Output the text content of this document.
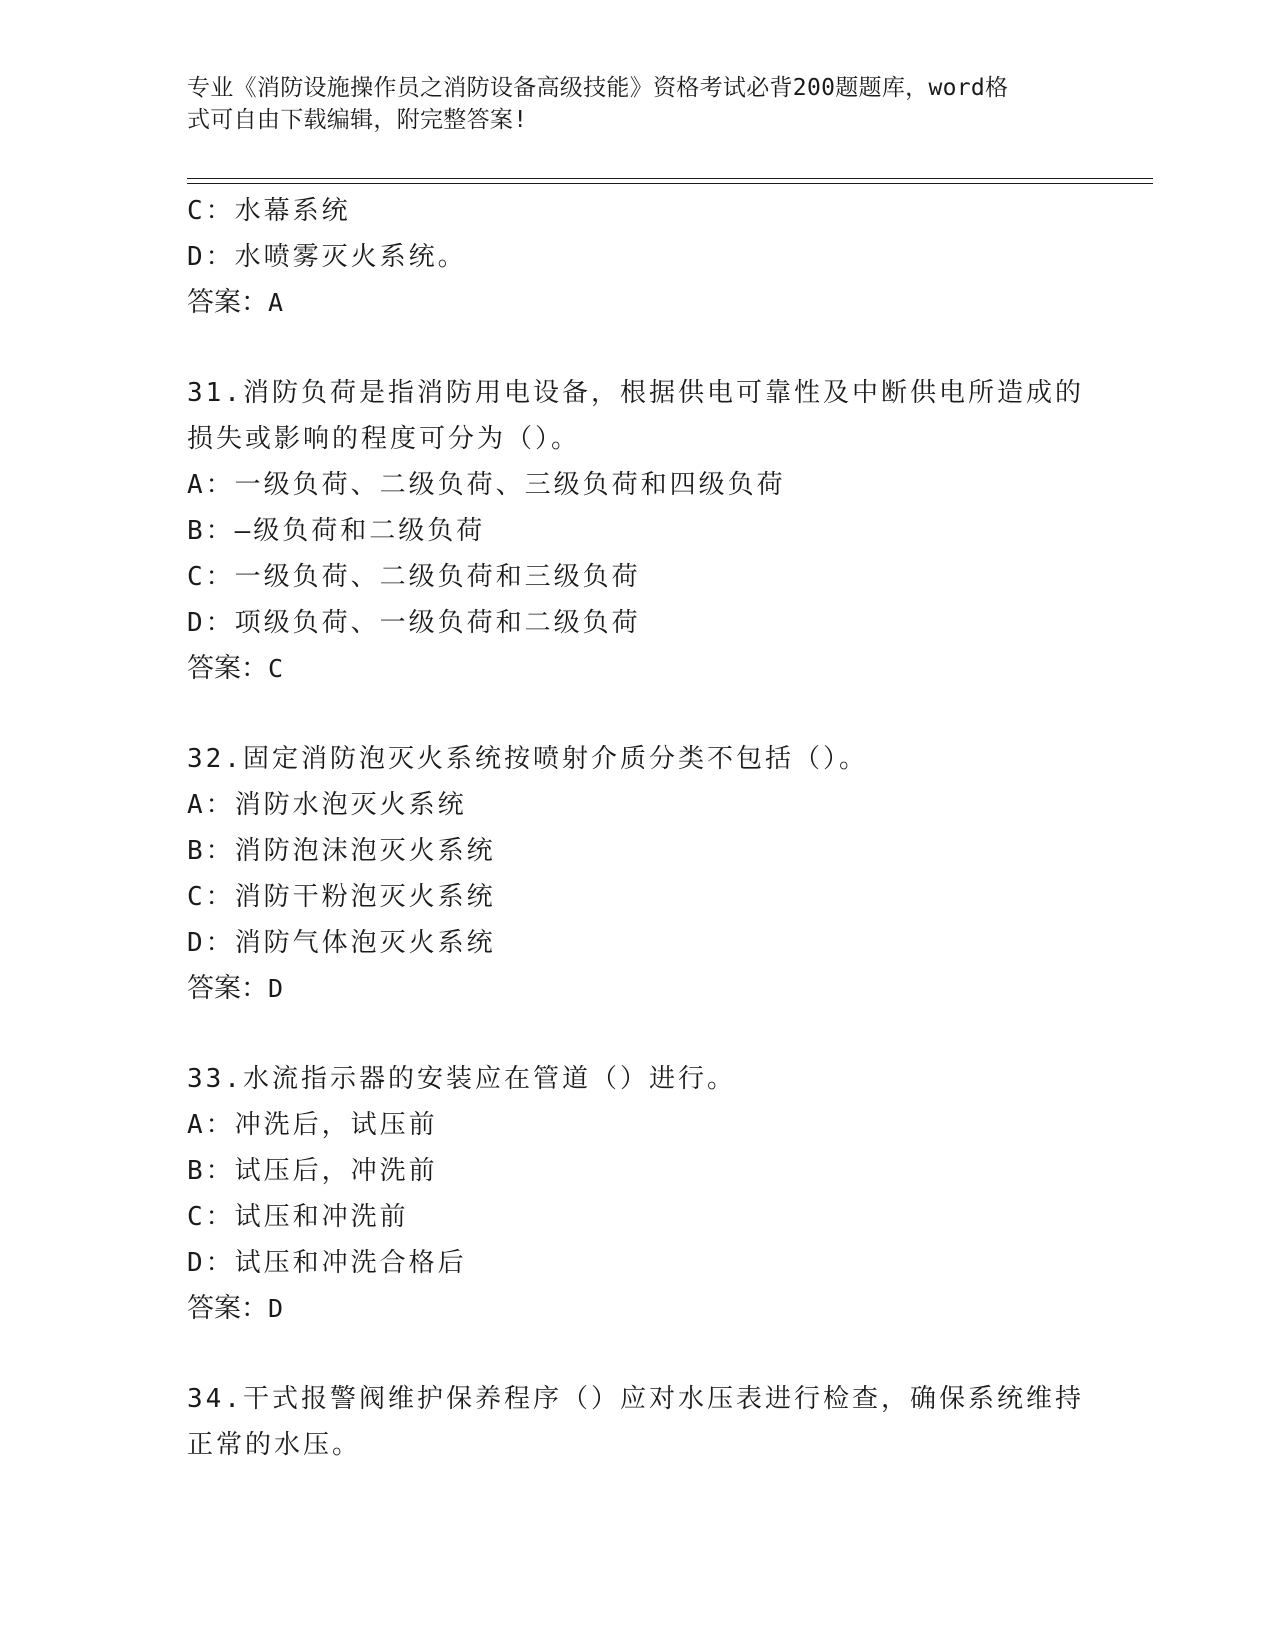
专业《消防设施操作员之消防设备高级技能》资格考试必背200题题库，word格
式可自由下载编辑，附完整答案!
C：水幕系统
D：水喷雾灭火系统。
答案：A
31.消防负荷是指消防用电设备，根据供电可靠性及中断供电所造成的
损失或影响的程度可分为（）。
A：一级负荷、二级负荷、三级负荷和四级负荷
B：—级负荷和二级负荷
C：一级负荷、二级负荷和三级负荷
D：项级负荷、一级负荷和二级负荷
答案：C
32.固定消防泡灭火系统按喷射介质分类不包括（）。
A：消防水泡灭火系统
B：消防泡沫泡灭火系统
C：消防干粉泡灭火系统
D：消防气体泡灭火系统
答案：D
33.水流指示器的安装应在管道（）进行。
A：冲洗后，试压前
B：试压后，冲洗前
C：试压和冲洗前
D：试压和冲洗合格后
答案：D
34.干式报警阀维护保养程序（）应对水压表进行检查，确保系统维持
正常的水压。
